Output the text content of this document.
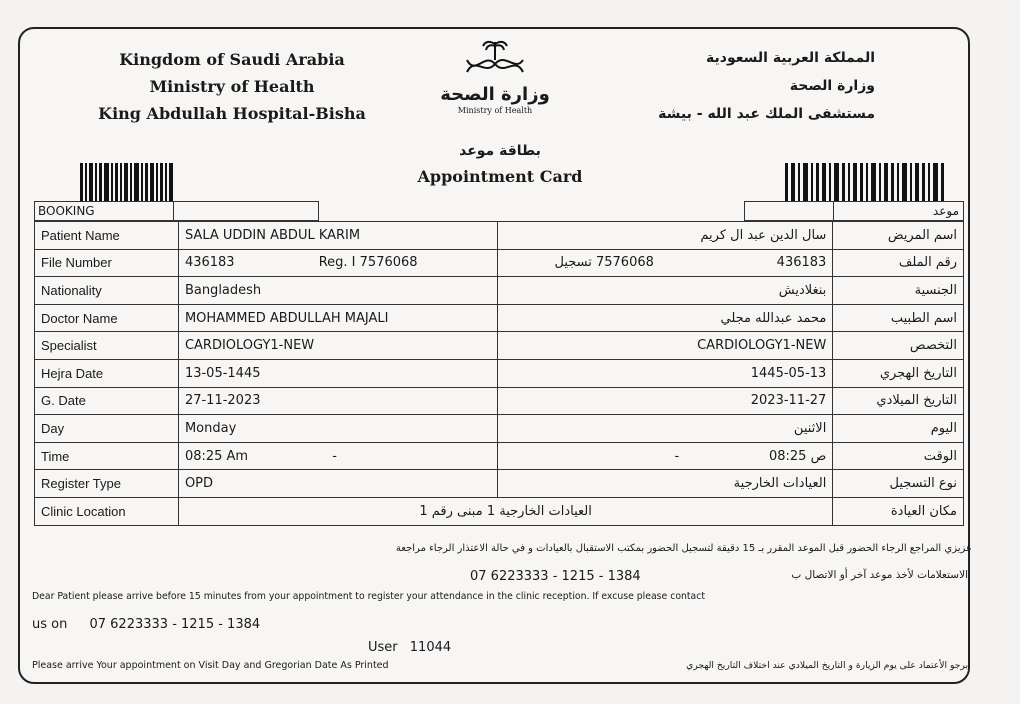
Kingdom of Saudi Arabia
Ministry of Health
King Abdullah Hospital-Bisha
وزارة الصحة
Ministry of Health
المملكة العربية السعودية
وزارة الصحة
مستشفى الملك عبد الله - بيشة
بطاقة موعد
Appointment Card
BOOKING	موعد
Patient Name	SALA UDDIN ABDUL KARIM	سال الدين عبد ال كريم	اسم المريض
File Number	436183 Reg. I 7576068	7576068 تسجيل 436183	رقم الملف
Nationality	Bangladesh	بنغلاديش	الجنسية
Doctor Name	MOHAMMED ABDULLAH MAJALI	محمد عبدالله مجلي	اسم الطبيب
Specialist	CARDIOLOGY1-NEW	CARDIOLOGY1-NEW	التخصص
Hejra Date	13-05-1445	1445-05-13	التاريخ الهجري
G. Date	27-11-2023	2023-11-27	التاريخ الميلادي
Day	Monday	الاثنين	اليوم
Time	08:25 Am -	- ص 08:25	الوقت
Register Type	OPD	العيادات الخارجية	نوع التسجيل
Clinic Location	العيادات الخارجية 1 مبنى رقم 1		مكان العيادة
عزيزي المراجع الرجاء الحضور قبل الموعد المقرر بـ 15 دقيقة لتسجيل الحضور بمكتب الاستقبال بالعيادات و في حالة الاعتذار الرجاء مراجعة
07 6223333 - 1215 - 1384	الاستعلامات لأخذ موعد آخر أو الاتصال ب
Dear Patient please arrive before 15 minutes from your appointment to register your attendance in the clinic reception. If excuse please contact
us on 07 6223333 - 1215 - 1384
User 11044
Please arrive Your appointment on Visit Day and Gregorian Date As Printed	برجو الأعتماد على يوم الزيارة و التاريخ الميلادي عند اختلاف التاريخ الهجري
